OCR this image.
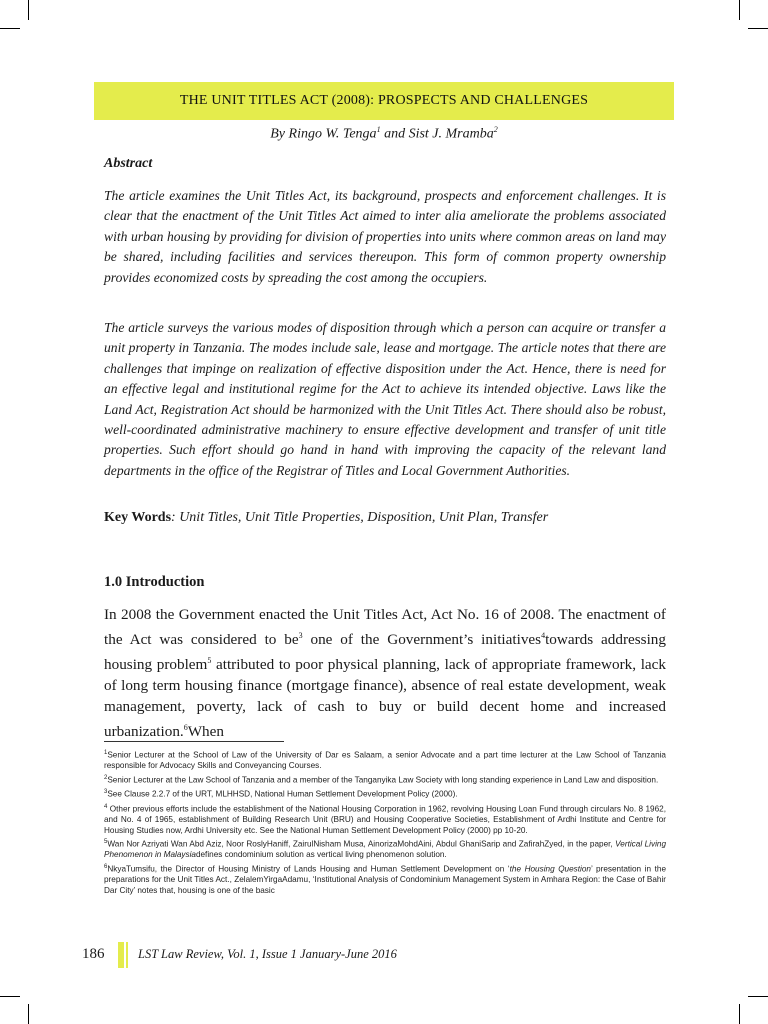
THE UNIT TITLES ACT (2008): PROSPECTS AND CHALLENGES
By Ringo W. Tenga$^1$ and Sist J. Mramba$^2$
Abstract

The article examines the Unit Titles Act, its background, prospects and enforcement challenges. It is clear that the enactment of the Unit Titles Act aimed to inter alia ameliorate the problems associated with urban housing by providing for division of properties into units where common areas on land may be shared, including facilities and services thereupon. This form of common property ownership provides economized costs by spreading the cost among the occupiers.

The article surveys the various modes of disposition through which a person can acquire or transfer a unit property in Tanzania. The modes include sale, lease and mortgage. The article notes that there are challenges that impinge on realization of effective disposition under the Act. Hence, there is need for an effective legal and institutional regime for the Act to achieve its intended objective. Laws like the Land Act, Registration Act should be harmonized with the Unit Titles Act. There should also be robust, well-coordinated administrative machinery to ensure effective development and transfer of unit title properties. Such effort should go hand in hand with improving the capacity of the relevant land departments in the office of the Registrar of Titles and Local Government Authorities.

Key Words: Unit Titles, Unit Title Properties, Disposition, Unit Plan, Transfer
1.0 Introduction

In 2008 the Government enacted the Unit Titles Act, Act No. 16 of 2008. The enactment of the Act was considered to $be^3$ one of the Government’s initiatives$^4$towards addressing housing problem$^5$ attributed to poor physical planning, lack of appropriate framework, lack of long term housing finance (mortgage finance), absence of real estate development, weak management, poverty, lack of cash to buy or build decent home and increased urbanization.$^6$When

$^1$Senior Lecturer at the School of Law of the University of Dar es Salaam, a senior Advocate and a part time lecturer at the Law School of Tanzania responsible for Advocacy Skills and Conveyancing Courses.

$^2$Senior Lecturer at the Law School of Tanzania and a member of the Tanganyika Law Society with long standing experience in Land Law and disposition.

$^3$See Clause 2.2.7 of the URT, MLHHSD, National Human Settlement Development Policy (2000).

$^4$ Other previous efforts include the establishment of the National Housing Corporation in 1962, revolving Housing Loan Fund through circulars No. 8 1962, and No. 4 of 1965, establishment of Building Research Unit (BRU) and Housing Cooperative Societies, Establishment of Ardhi Institute and Centre for Housing Studies now, Ardhi University etc. See the National Human Settlement Development Policy (2000) pp 10-20.

$^5$Wan Nor Azriyati Wan Abd Aziz, Noor RoslyHaniff, ZairulNisham Musa, AinorizaMohdAini, Abdul GhaniSarip and ZafirahZyed, in the paper, Vertical Living Phenomenon in Malaysiadefines condominium solution as vertical living phenomenon solution.

$^6$NkyaTumsifu, the Director of Housing Ministry of Lands Housing and Human Settlement Development on ‘the Housing Question’ presentation in the preparations for the Unit Titles Act., ZelalemYirgaAdamu, ‘Institutional Analysis of Condominium Management System in Amhara Region: the Case of Bahir Dar City’ notes that, housing is one of the basic

186	LST Law Review, Vol. 1, Issue 1 January-June 2016
